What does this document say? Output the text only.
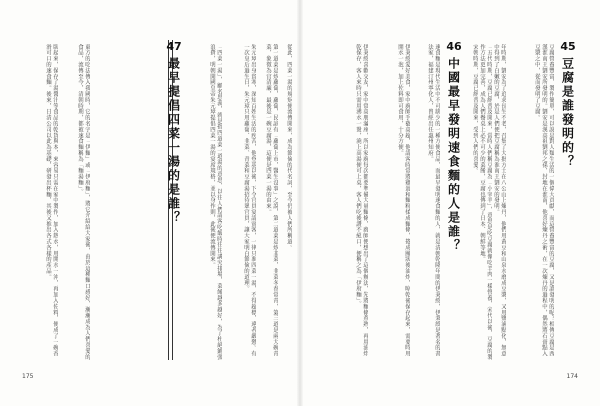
臥起來，保存了湯醬汁等食品的乾貨與本，來容易只需在家中製作，加入熱水，用開水一沖，再加入佐料，便成了一碗香滑可口的速食麵。後來，日清公司以此為基礎，研發出杯麵，其後又推出各式各樣的產品。	東方的吃法傳入我國時，它的名字是「伊麵」或「伊府麵」，將它介紹給大家後，由於這種麵口感好，漸漸成為人們喜愛的食品，流傳至今，清朝時期，都被速食麵稱為「麵湯麵」。	47
最早提倡四菜一湯的是誰？	「四菜一湯」，顧名思義，就是指四道菜一道湯的意思，以往人們請客吃飯時往往講究排場，菜餚越多越好，為了杜絕鋪張浪費，明朝開國皇帝朱元璋提倡四菜一湯的宴席規格，並以身作則，此後便流傳開來。	朱元璋出身貧寒，深知百姓生活的疾苦，他登基以後，下令官員宴請賓客，一律只准四菜一湯，不得超標，違者嚴懲。有一次皇后過生日，朱元璋只用蘿蔔、韭菜、青菜和豆腐湯招待眾官員，讓大家明白節儉的道理。	第一道菜是炒蘿蔔，蘿蔔，民諺有「蘿蔔上市，醫生沒事」之說，第二道菜是炒韭菜，韭菜冬春常青，第三道是兩大碗青菜，象徵為官清廉，最後是一碗豆腐湯，這便是四菜一湯的由來。	從此，四菜一湯的規矩便流傳開來，成為節儉的代名詞，至今仍被人們所稱道。
175
45
豆腐是誰發明的？
豆腐營養豐富，製作簡單，可以說是對人類生活的一個偉大貢獻，而這營養豐富的豆腐，又是誰發明的呢？相傳豆腐是西漢淮南王劉安所發明的。劉安是漢高祖劉邦之孫，封地在淮南，他喜好煉丹之術，在一次煉丹的過程中，偶然將石膏點入豆漿之中，從而發明了豆腐。
年時期，劉安為了追求長生不老，召集了大批方士在八公山上煉丹，他們用黃豆和山泉水磨成豆漿，又用鹽滷點化，無意中得到了白嫩的豆腐，於是人們便把豆腐稱為淮南王劉安的發明。
「五代時期，豆腐已經普及開來，當時人們稱豆腐為「小宰羊」，意思是吃豆腐就像吃羊肉一樣營養，宋代以後，豆腐的製作方法更加完善，成為人們餐桌上必不可少的菜餚，豆腐也傳到了日本、朝鮮等地。
宋朝時期，豆腐已經普及開來，受到人們的喜愛。
46
中國最早發明速食麵的人是誰？
速食麵是現代生活中不可缺少的一種方便食品，而最早發明速食麵的人，就是清朝乾隆年間的伊秉綬，伊秉綬是著名的書法家，福建汀州寧化人，曾經出任惠州知府。
伊秉綬愛好美食，家中廚師手藝高超，他請客時常將雞蛋和麵粉揉成麵條，捲成團狀後油炸，晾乾後保存起來，需要時用開水一泡，加上佐料即可食用，十分方便。
伊秉綬喜歡交友，家中常高朋滿座，所以家廚每次都要準備大量麵條，廚師便想出了這個辦法，先將麵條煮熟，再用油炸乾保存，客人來時只需用沸水一燙，澆上高湯便可上桌，客人們吃後讚不絕口，便稱之為「伊府麵」。
174
